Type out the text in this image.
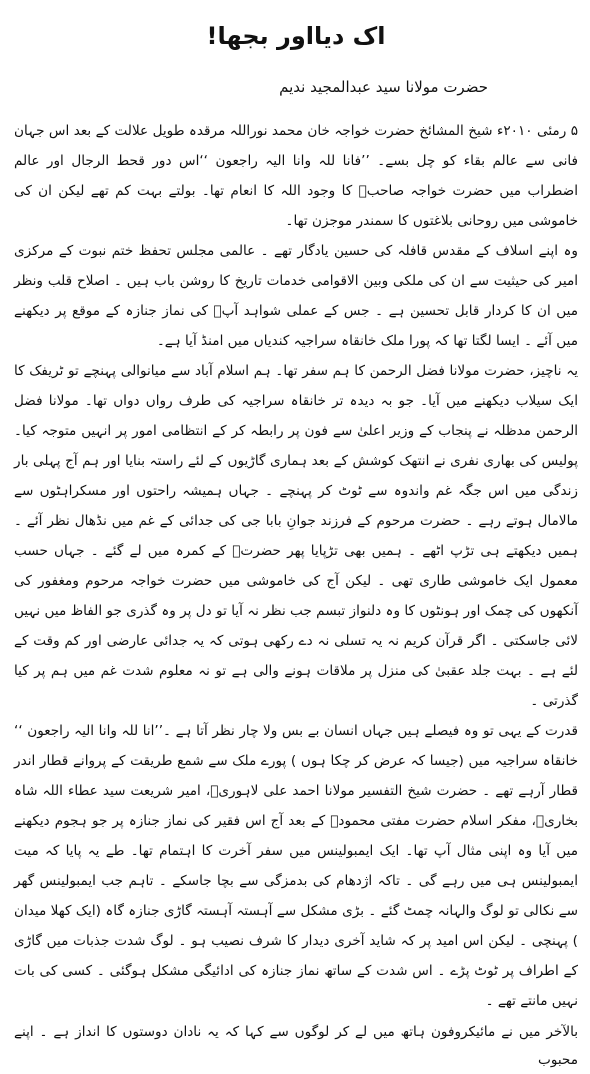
اک دیااور بجھا!
حضرت مولانا سید عبدالمجید ندیم

۵ رمئی ۲۰۱۰ء شیخ المشائخ حضرت خواجہ خان محمد نوراللہ مرقدہ طویل علالت کے بعد اس جہان فانی سے عالم بقاء کو چل بسے۔ ’’فانا للہ وانا الیہ راجعون ‘‘اس دور قحط الرجال اور عالم اضطراب میں حضرت خواجہ صاحبؒ کا وجود اللہ کا انعام تھا۔ بولتے بہت کم تھے لیکن ان کی خاموشی میں روحانی بلاغتوں کا سمندر موجزن تھا۔

وہ اپنے اسلاف کے مقدس قافلہ کی حسین یادگار تھے ۔ عالمی مجلس تحفظ ختم نبوت کے مرکزی امیر کی حیثیت سے ان کی ملکی وبین الاقوامی خدمات تاریخ کا روشن باب ہیں ۔ اصلاح قلب ونظر میں ان کا کردار قابل تحسین ہے ۔ جس کے عملی شواہد آپؒ کی نماز جنازہ کے موقع پر دیکھنے میں آئے ۔ ایسا لگتا تھا کہ پورا ملک خانقاہ سراجیہ کندیاں میں امنڈ آیا ہے۔

یہ ناچیز، حضرت مولانا فضل الرحمن کا ہم سفر تھا۔ ہم اسلام آباد سے میانوالی پہنچے تو ٹریفک کا ایک سیلاب دیکھنے میں آیا۔ جو بہ دیدہ تر خانقاہ سراجیہ کی طرف رواں دواں تھا۔ مولانا فضل الرحمن مدظلہ نے پنجاب کے وزیر اعلیٰ سے فون پر رابطہ کر کے انتظامی امور پر انہیں متوجہ کیا۔ پولیس کی بھاری نفری نے انتھک کوشش کے بعد ہماری گاڑیوں کے لئے راستہ بنایا اور ہم آج پہلی بار زندگی میں اس جگہ غم واندوہ سے ٹوٹ کر پہنچے ۔ جہاں ہمیشہ راحتوں اور مسکراہٹوں سے مالامال ہوتے رہے ۔ حضرت مرحوم کے فرزند جوانِ بابا جی کی جدائی کے غم میں نڈھال نظر آئے ۔ ہمیں دیکھتے ہی تڑپ اٹھے ۔ ہمیں بھی تڑپایا پھر حضرتؒ کے کمرہ میں لے گئے ۔ جہاں حسب معمول ایک خاموشی طاری تھی ۔ لیکن آج کی خاموشی میں حضرت خواجہ مرحوم ومغفور کی آنکھوں کی چمک اور ہونٹوں کا وہ دلنواز تبسم جب نظر نہ آیا تو دل پر وہ گذری جو الفاظ میں نہیں لائی جاسکتی ۔ اگر قرآن کریم نہ یہ تسلی نہ دے رکھی ہوتی کہ یہ جدائی عارضی اور کم وقت کے لئے ہے ۔ بہت جلد عقبیٰ کی منزل پر ملاقات ہونے والی ہے تو نہ معلوم شدت غم میں ہم پر کیا گذرتی ۔

قدرت کے یہی تو وہ فیصلے ہیں جہاں انسان بے بس ولا چار نظر آتا ہے ۔’’انا للہ وانا الیہ راجعون ‘‘ خانقاہ سراجیہ میں (جیسا کہ عرض کر چکا ہوں ) پورے ملک سے شمع طریقت کے پروانے قطار اندر قطار آرہے تھے ۔ حضرت شیخ التفسیر مولانا احمد علی لاہوریؒ، امیر شریعت سید عطاء اللہ شاہ بخاریؒ، مفکر اسلام حضرت مفتی محمودؒ کے بعد آج اس فقیر کی نماز جنازہ پر جو ہجوم دیکھنے میں آیا وہ اپنی مثال آپ تھا۔ ایک ایمبولینس میں سفر آخرت کا اہتمام تھا۔ طے یہ پایا کہ میت ایمبولینس ہی میں رہے گی ۔ تاکہ اژدھام کی بدمزگی سے بچا جاسکے ۔ تاہم جب ایمبولینس گھر سے نکالی تو لوگ والہانہ چمٹ گئے ۔ بڑی مشکل سے آہستہ آہستہ گاڑی جنازہ گاہ (ایک کھلا میدان ) پہنچی ۔ لیکن اس امید پر کہ شاید آخری دیدار کا شرف نصیب ہو ۔ لوگ شدت جذبات میں گاڑی کے اطراف پر ٹوٹ پڑے ۔ اس شدت کے ساتھ نماز جنازہ کی ادائیگی مشکل ہوگئی ۔ کسی کی بات نہیں مانتے تھے ۔

بالآخر میں نے مائیکروفون ہاتھ میں لے کر لوگوں سے کہا کہ یہ نادان دوستوں کا انداز ہے ۔ اپنے محبوب
